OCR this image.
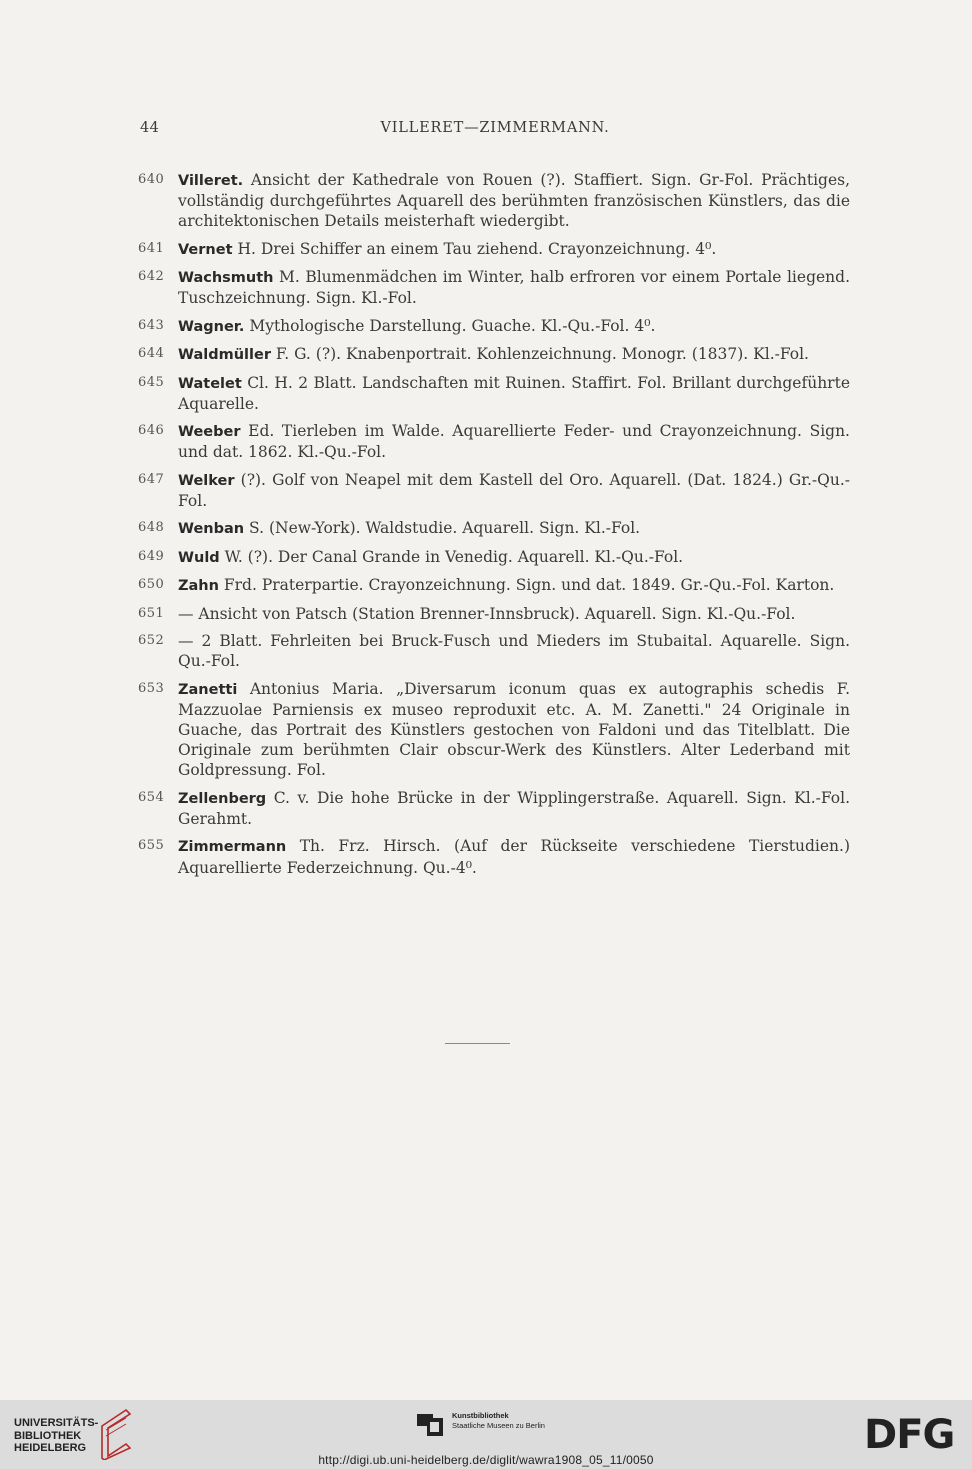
44	VILLERET—ZIMMERMANN.
640 Villeret. Ansicht der Kathedrale von Rouen (?). Staffiert. Sign. Gr-Fol. Prächtiges, vollständig durchgeführtes Aquarell des berühmten französischen Künstlers, das die architektonischen Details meisterhaft wiedergibt.
641 Vernet H. Drei Schiffer an einem Tau ziehend. Crayonzeichnung. 4⁰.
642 Wachsmuth M. Blumenmädchen im Winter, halb erfroren vor einem Portale liegend. Tuschzeichnung. Sign. Kl.-Fol.
643 Wagner. Mythologische Darstellung. Guache. Kl.-Qu.-Fol. 4⁰.
644 Waldmüller F. G. (?). Knabenportrait. Kohlenzeichnung. Monogr. (1837). Kl.-Fol.
645 Watelet Cl. H. 2 Blatt. Landschaften mit Ruinen. Staffirt. Fol. Brillant durchgeführte Aquarelle.
646 Weeber Ed. Tierleben im Walde. Aquarellierte Feder- und Crayonzeichnung. Sign. und dat. 1862. Kl.-Qu.-Fol.
647 Welker (?). Golf von Neapel mit dem Kastell del Oro. Aquarell. (Dat. 1824.) Gr.-Qu.-Fol.
648 Wenban S. (New-York). Waldstudie. Aquarell. Sign. Kl.-Fol.
649 Wuld W. (?). Der Canal Grande in Venedig. Aquarell. Kl.-Qu.-Fol.
650 Zahn Frd. Praterpartie. Crayonzeichnung. Sign. und dat. 1849. Gr.-Qu.-Fol. Karton.
651 — Ansicht von Patsch (Station Brenner-Innsbruck). Aquarell. Sign. Kl.-Qu.-Fol.
652 — 2 Blatt. Fehrleiten bei Bruck-Fusch und Mieders im Stubaital. Aquarelle. Sign. Qu.-Fol.
653 Zanetti Antonius Maria. „Diversarum iconum quas ex autographis schedis F. Mazzuolae Parniensis ex museo reproduxit etc. A. M. Zanetti." 24 Originale in Guache, das Portrait des Künstlers gestochen von Faldoni und das Titelblatt. Die Originale zum berühmten Clair obscur-Werk des Künstlers. Alter Lederband mit Goldpressung. Fol.
654 Zellenberg C. v. Die hohe Brücke in der Wipplingerstraße. Aquarell. Sign. Kl.-Fol. Gerahmt.
655 Zimmermann Th. Frz. Hirsch. (Auf der Rückseite verschiedene Tierstudien.) Aquarellierte Federzeichnung. Qu.-4⁰.
UNIVERSITÄTS-
BIBLIOTHEK
HEIDELBERG
Kunstbibliothek
Staatliche Museen zu Berlin	DFG
http://digi.ub.uni-heidelberg.de/diglit/wawra1908_05_11/0050
